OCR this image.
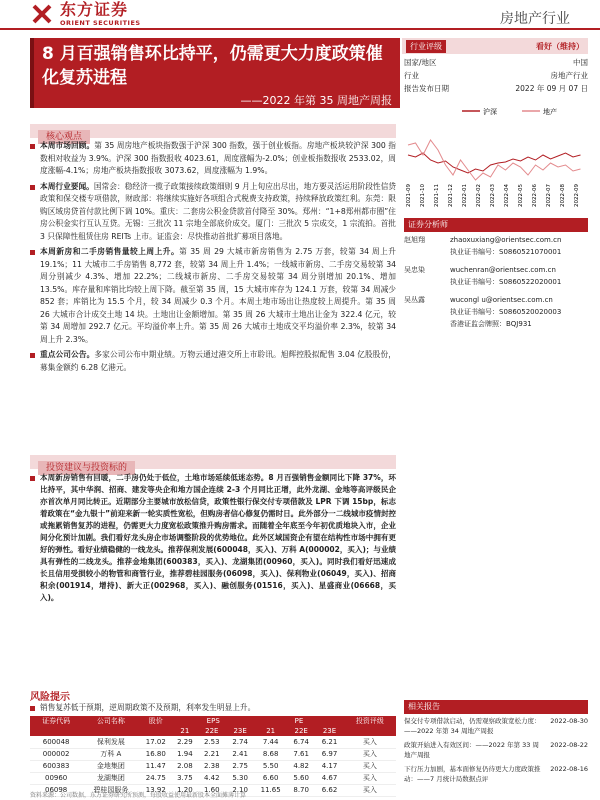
东方证券
ORIENT SECURITIES	房地产行业
8 月百强销售环比持平，仍需更大力度政策催化复苏进程
——2022 年第 35 周地产周报
行业评级	看好（维持）
国家/地区	中国
行业	房地产行业
报告发布日期	2022 年 09 月 07 日
沪深	地产
2021-09 2021-10 2021-11 2021-12 2022-01 2022-02 2022-03 2022-04 2022-05 2022-06 2022-07 2022-08 2022-09
核心观点
本周市场回顾。第 35 周房地产板块指数强于沪深 300 指数，强于创业板指。房地产板块较沪深 300 指数相对收益为 3.9%。沪深 300 指数报收 4023.61，周度涨幅为-2.0%；创业板指数报收 2533.02，周度涨幅-4.1%；房地产板块指数报收 3073.62，周度涨幅为 1.9%。
本周行业要闻。国常会：稳经济一揽子政策接续政策细则 9 月上旬应出尽出，地方要灵活运用阶段性信贷政策和保交楼专项借款，财政部：将继续实施好各项组合式税费支持政策，持续释放政策红利。东莞：限购区域房贷首付款比例下调 10%。重庆：二套房公积金贷款首付降至 30%。郑州：“1+8郑州都市圈”住房公积金实行互认互贷。无锡：三批次 11 宗地全部底价成交。厦门：三批次 5 宗成交，1 宗流拍。首批 3 只保障性租赁住房 REITs 上市。证监会：尽快推动首批扩募项目落地。
本周新房和二手房销售量较上周上升。第 35 周 29 大城市新房销售为 2.75 万套，较第 34 周上升 19.1%；11 大城市二手房销售 8,772 套，较第 34 周上升 1.4%；一线城市新房、二手房交易较第 34 周分别减少 4.3%、增加 22.2%；二线城市新房、二手房交易较第 34 周分别增加 20.1%、增加 13.5%。库存量和库销比均较上周下降。截至第 35 周，15 大城市库存为 124.1 万套，较第 34 周减少 852 套；库销比为 15.5 个月，较 34 周减少 0.3 个月。本周土地市场出让热度较上周提升。第 35 周 26 大城市合计成交土地 14 块。土地出让金额增加。第 35 周 26 大城市土地出让金为 322.4 亿元，较第 34 周增加 292.7 亿元。平均溢价率上升。第 35 周 26 大城市土地成交平均溢价率 2.3%，较第 34 周上升 2.3%。
重点公司公告。多家公司公布中期业绩。万物云通过港交所上市聆讯。旭辉控股拟配售 3.04 亿股股份，募集金额约 6.28 亿港元。
投资建议与投资标的
本周新房销售有回暖，二手房仍处于低位，土地市场延续低迷态势。8 月百强销售金额同比下降 37%，环比持平，其中华润、招商、建发等央企和地方国企连续 2-3 个月同比正增，此外龙湖、金地等高评级民企亦首次单月同比转正。近期部分主要城市放松信贷，政策性银行保交付专项借款及 LPR 下调 15bp，标志着政策在“金九银十”前迎来新一轮实质性宽松，但购房者信心修复仍需时日。此外部分一二线城市疫情封控或拖累销售复苏的进程，仍需更大力度宽松政策推升购房需求。而随着全年底至今年初优质地块入市，企业间分化预计加剧。我们看好龙头房企市场调整阶段的优势地位。此外区域国资企有望在结构性市场中拥有更好的弹性。看好业绩稳健的一线龙头。推荐保利发展(600048，买入)、万科 A(000002，买入)；与业绩具有弹性的二线龙头。推荐金地集团(600383，买入)、龙湖集团(00960，买入)。同时我们看好迅速成长且信用受损较小的物管和商管行业，推荐碧桂园服务(06098，买入)、保利物业(06049，买入)、招商积余(001914，增持)、新大正(002968，买入)、融创服务(01516，买入)、星盛商业(06668，买入)。
风险提示
销售复苏低于预期，逆周期政策不及预期，利率发生明显上升。
证券代码	公司名称	股价	EPS			PE			投资评级
			21	22E	23E	21	22E	23E	
600048	保利发展	17.02	2.29	2.53	2.74	7.44	6.74	6.21	买入
000002	万科 A	16.80	1.94	2.21	2.41	8.68	7.61	6.97	买入
600383	金地集团	11.47	2.08	2.38	2.75	5.50	4.82	4.17	买入
00960	龙湖集团	24.75	3.75	4.42	5.30	6.60	5.60	4.67	买入
06098	碧桂园服务	13.92	1.20	1.60	2.10	11.65	8.70	6.62	买入
资料来源：公司数据，东方证券研究所预测，每股收益使用最新股本全面摊薄计算
证券分析师
赵旭翔	zhaoxuxiang@orientsec.com.cn
执业证书编号：S0860521070001
吴忠染	wuchenran@orientsec.com.cn
执业证书编号：S0860522020001
吴丛露	wucongl u@orientsec.com.cn
执业证书编号：S0860520020003
香港证监会牌照：BQJ931
相关报告
保交付专项借款启动，仍需观察政策宽松力度：——2022 年第 34 周地产周报
2022-08-30
政策开始进入有效区间：——2022 年第 33 周地产周报
2022-08-22
下行压力加剧，基本面修复仍待更大力度政策推动：——7 月统计局数据点评
2022-08-16
